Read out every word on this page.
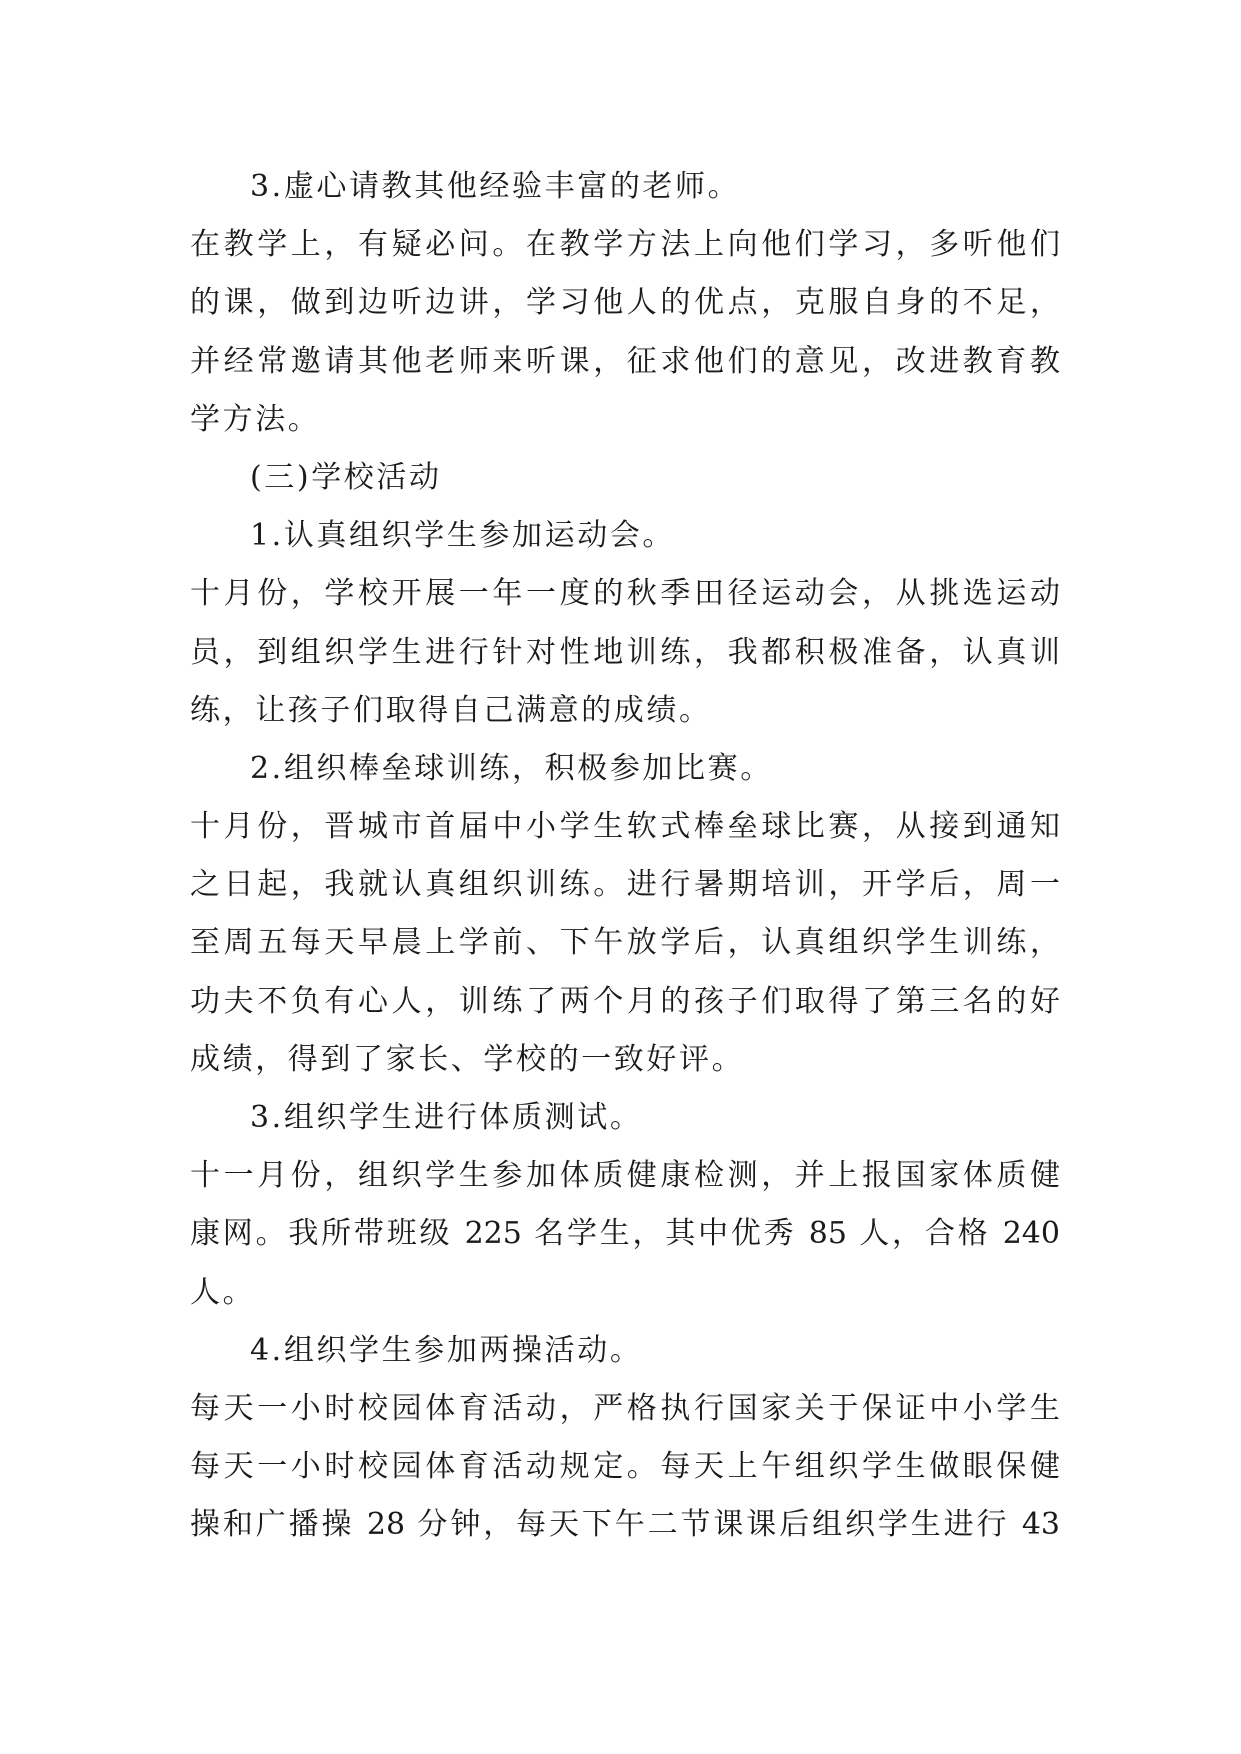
3.虚心请教其他经验丰富的老师。
在教学上，有疑必问。在教学方法上向他们学习，多听他们
的课，做到边听边讲，学习他人的优点，克服自身的不足，
并经常邀请其他老师来听课，征求他们的意见，改进教育教
学方法。
(三)学校活动
1.认真组织学生参加运动会。
十月份，学校开展一年一度的秋季田径运动会，从挑选运动
员，到组织学生进行针对性地训练，我都积极准备，认真训
练，让孩子们取得自己满意的成绩。
2.组织棒垒球训练，积极参加比赛。
十月份，晋城市首届中小学生软式棒垒球比赛，从接到通知
之日起，我就认真组织训练。进行暑期培训，开学后，周一
至周五每天早晨上学前、下午放学后，认真组织学生训练，
功夫不负有心人，训练了两个月的孩子们取得了第三名的好
成绩，得到了家长、学校的一致好评。
3.组织学生进行体质测试。
十一月份，组织学生参加体质健康检测，并上报国家体质健
康网。我所带班级 225 名学生，其中优秀 85 人，合格 240
人。
4.组织学生参加两操活动。
每天一小时校园体育活动，严格执行国家关于保证中小学生
每天一小时校园体育活动规定。每天上午组织学生做眼保健
操和广播操 28 分钟，每天下午二节课课后组织学生进行 43
